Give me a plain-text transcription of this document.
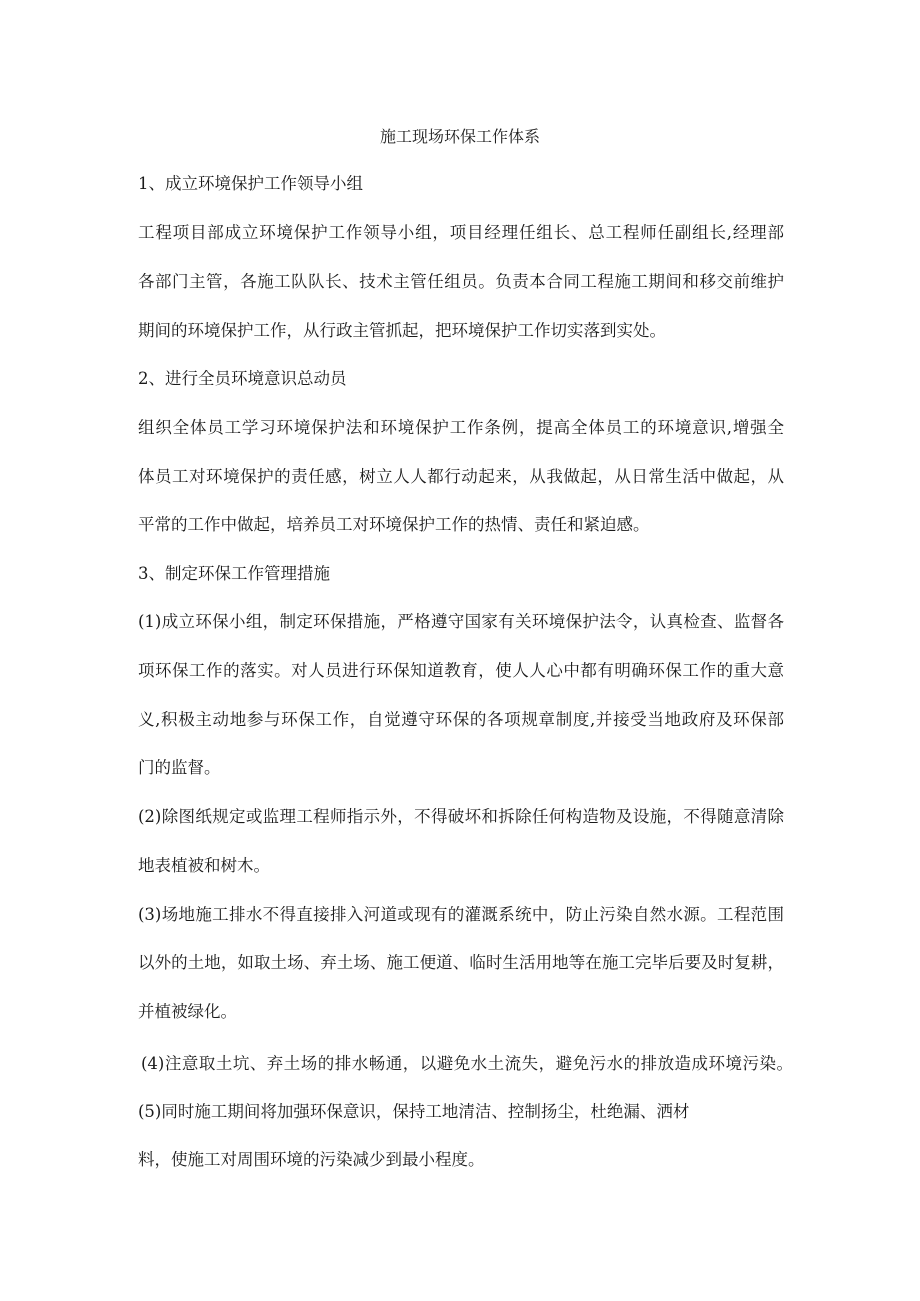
施工现场环保工作体系
1、成立环境保护工作领导小组
工程项目部成立环境保护工作领导小组，项目经理任组长、总工程师任副组长,经理部
各部门主管，各施工队队长、技术主管任组员。负责本合同工程施工期间和移交前维护
期间的环境保护工作，从行政主管抓起，把环境保护工作切实落到实处。
2、进行全员环境意识总动员
组织全体员工学习环境保护法和环境保护工作条例，提高全体员工的环境意识,增强全
体员工对环境保护的责任感，树立人人都行动起来，从我做起，从日常生活中做起，从
平常的工作中做起，培养员工对环境保护工作的热情、责任和紧迫感。
3、制定环保工作管理措施
(1)成立环保小组，制定环保措施，严格遵守国家有关环境保护法令，认真检查、监督各
项环保工作的落实。对人员进行环保知道教育，使人人心中都有明确环保工作的重大意
义,积极主动地参与环保工作，自觉遵守环保的各项规章制度,并接受当地政府及环保部
门的监督。
(2)除图纸规定或监理工程师指示外，不得破坏和拆除任何构造物及设施，不得随意清除
地表植被和树木。
(3)场地施工排水不得直接排入河道或现有的灌溉系统中，防止污染自然水源。工程范围
以外的土地，如取土场、弃土场、施工便道、临时生活用地等在施工完毕后要及时复耕，
并植被绿化。
(4)注意取土坑、弃土场的排水畅通，以避免水土流失，避免污水的排放造成环境污染。
(5)同时施工期间将加强环保意识，保持工地清洁、控制扬尘，杜绝漏、洒材
料，使施工对周围环境的污染减少到最小程度。
